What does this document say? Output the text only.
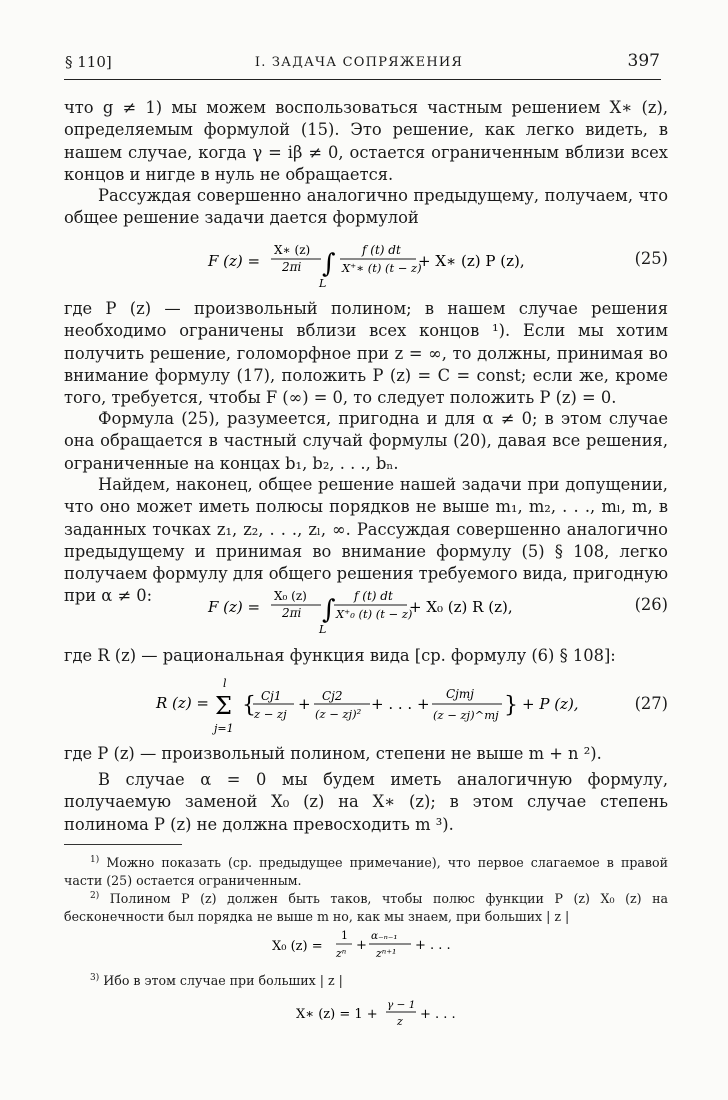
§ 110]	I. ЗАДАЧА СОПРЯЖЕНИЯ	397
что g ≠ 1) мы можем воспользоваться частным решением X∗ (z), определяемым формулой (15). Это решение, как легко видеть, в нашем случае, когда γ = iβ ≠ 0, остается ограниченным вблизи всех концов и нигде в нуль не обращается.
Рассуждая совершенно аналогично предыдущему, получаем, что общее решение задачи дается формулой
F (z) =
X∗ (z)
2πi ∫
L
f (t) dt
X⁺∗ (t) (t − z)
+ X∗ (z) P (z),	(25)
где P (z) — произвольный полином; в нашем случае решения необходимо ограничены вблизи всех концов ¹). Если мы хотим получить решение, голоморфное при z = ∞, то должны, принимая во внимание формулу (17), положить P (z) = C = const; если же, кроме того, требуется, чтобы F (∞) = 0, то следует положить P (z) = 0.
Формула (25), разумеется, пригодна и для α ≠ 0; в этом случае она обращается в частный случай формулы (20), давая все решения, ограниченные на концах b₁, b₂, . . ., bₙ.
Найдем, наконец, общее решение нашей задачи при допущении, что оно может иметь полюсы порядков не выше m₁, m₂, . . ., mₗ, m, в заданных точках z₁, z₂, . . ., zₗ, ∞. Рассуждая совершенно аналогично предыдущему и принимая во внимание формулу (5) § 108, легко получаем формулу для общего решения требуемого вида, пригодную при α ≠ 0:
F (z) =
X₀ (z)
2πi ∫
L
f (t) dt
X⁺₀ (t) (t − z)
+ X₀ (z) R (z),	(26)
где R (z) — рациональная функция вида [ср. формулу (6) § 108]:
R (z) =
l
Σ
j=1
{ Cj1
z − zj
+ Cj2
(z − zj)²
+ . . . +
Cjmj
(z − zj)^mj } + P (z),	(27)
где P (z) — произвольный полином, степени не выше m + n ²).
В случае α = 0 мы будем иметь аналогичную формулу, получаемую заменой X₀ (z) на X∗ (z); в этом случае степень полинома P (z) не должна превосходить m ³).
$^{1)}$ Можно показать (ср. предыдущее примечание), что первое слагаемое в правой части (25) остается ограниченным.
$^{2)}$ Полином P (z) должен быть таков, чтобы полюс функции P (z) X₀ (z) на бесконечности был порядка не выше m но, как мы знаем, при больших | z |
X₀ (z) =
1
zⁿ
+
α₋ₙ₋₁
zⁿ⁺¹
+ . . .
$^{3)}$ Ибо в этом случае при больших | z |
X∗ (z) = 1 +
γ − 1
z + . . .
